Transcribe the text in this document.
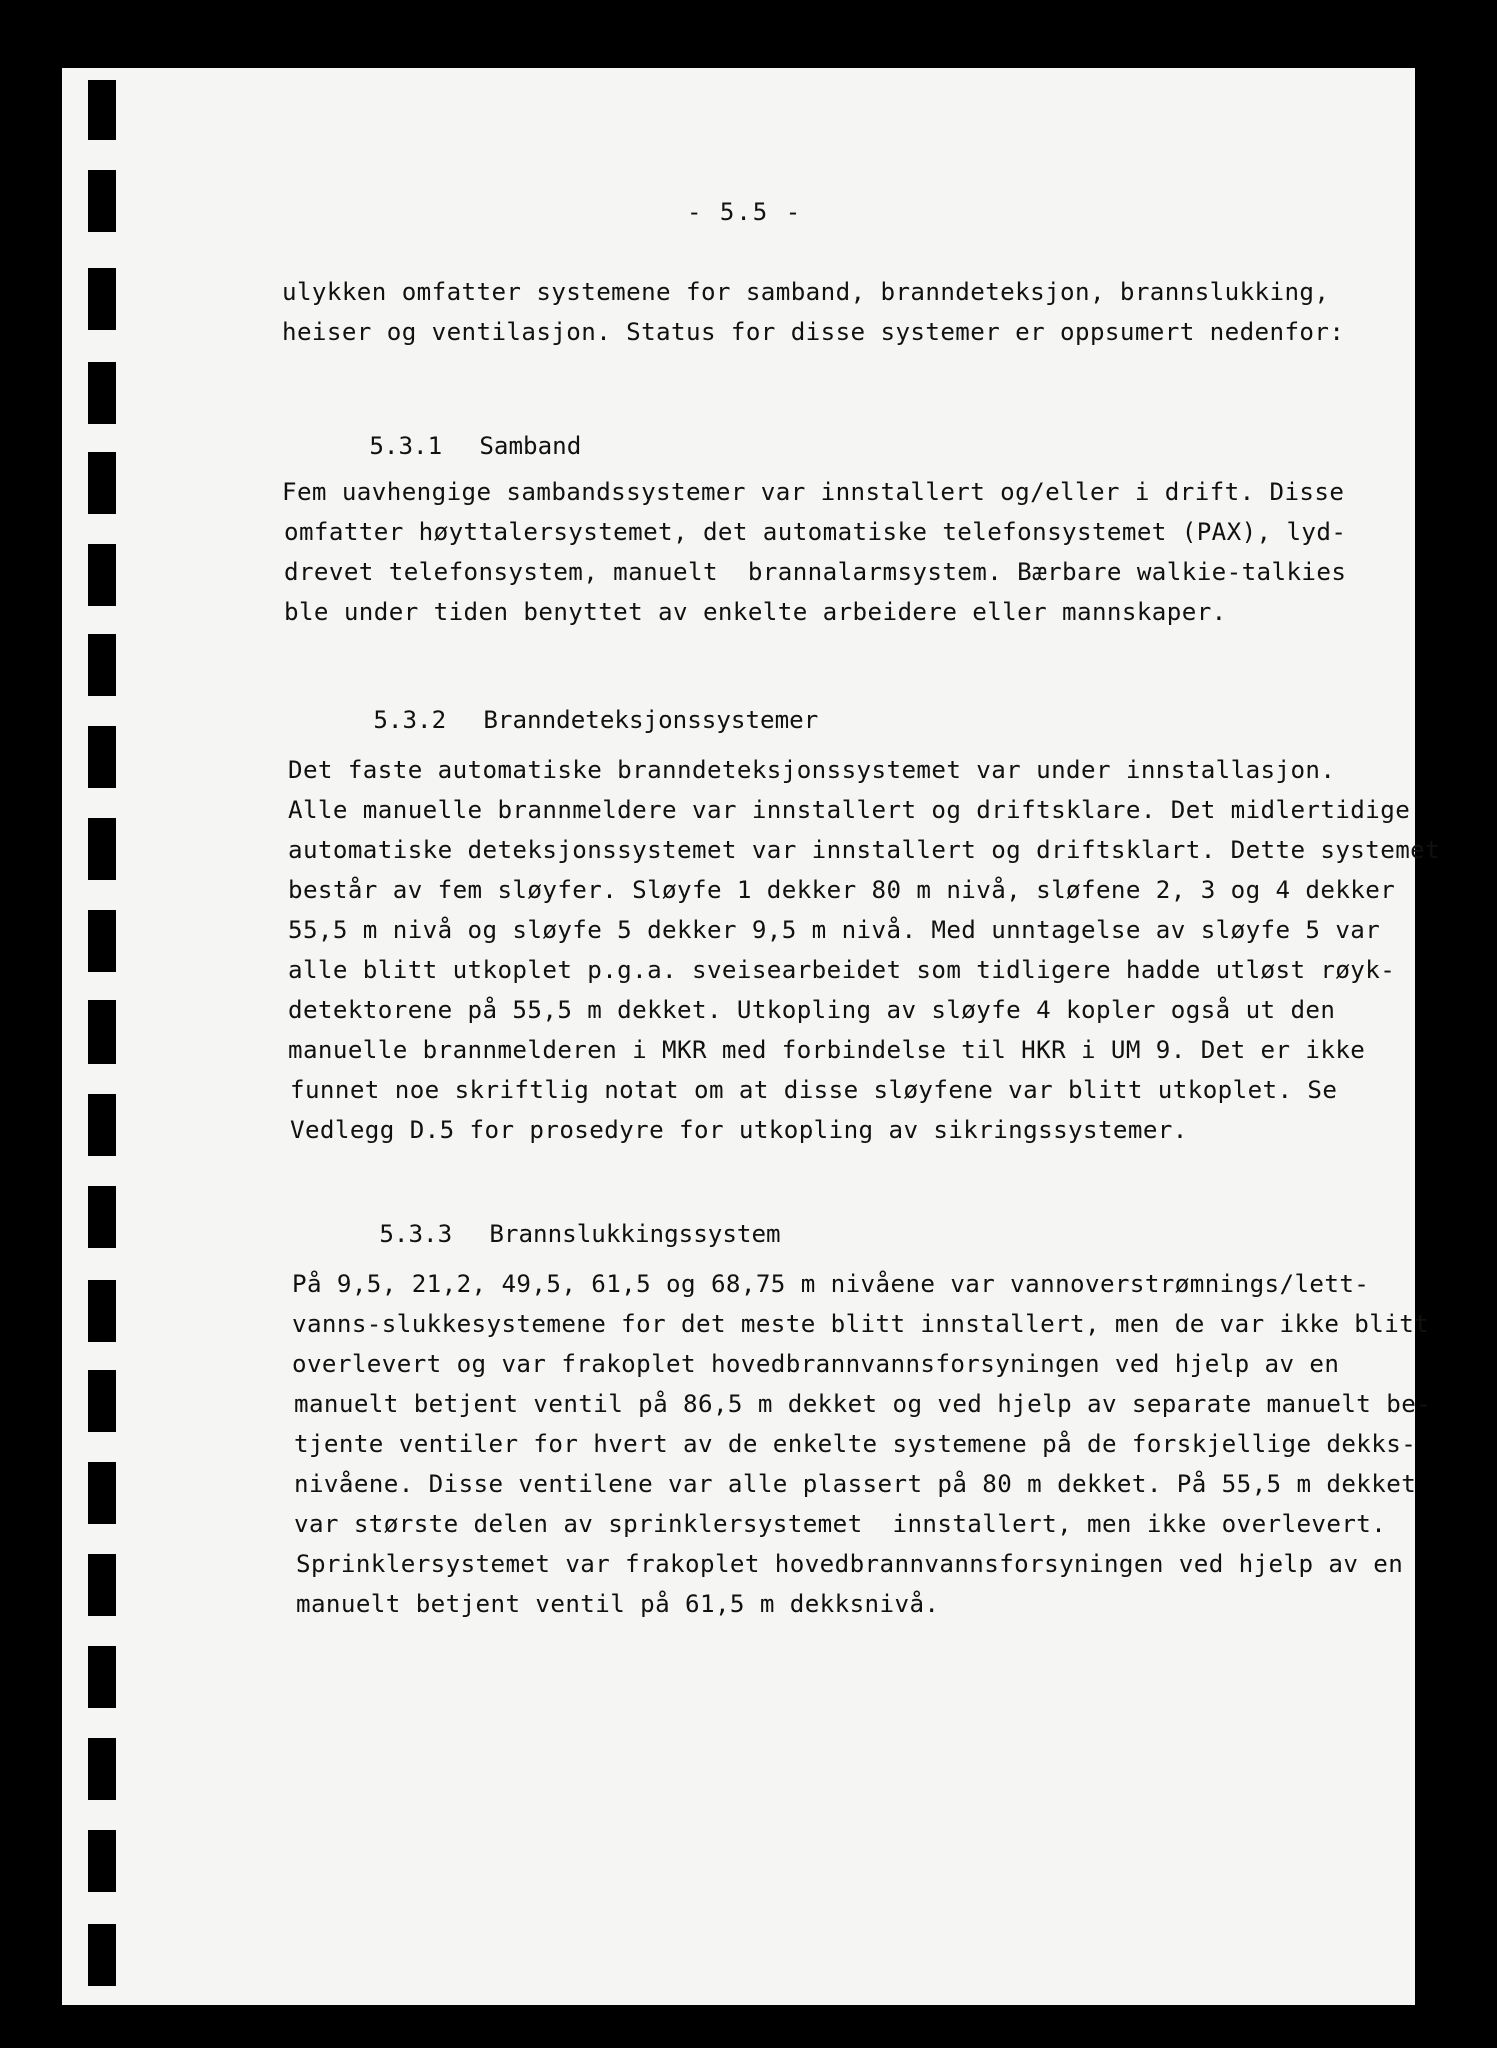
- 5.5 -
ulykken omfatter systemene for samband, branndeteksjon, brannslukking,
heiser og ventilasjon. Status for disse systemer er oppsumert nedenfor:

5.3.1 Samband

Fem uavhengige sambandssystemer var innstallert og/eller i drift. Disse
omfatter høyttalersystemet, det automatiske telefonsystemet (PAX), lyd-
drevet telefonsystem, manuelt  brannalarmsystem. Bærbare walkie-talkies
ble under tiden benyttet av enkelte arbeidere eller mannskaper.

5.3.2 Branndeteksjonssystemer

Det faste automatiske branndeteksjonssystemet var under innstallasjon.
Alle manuelle brannmeldere var innstallert og driftsklare. Det midlertidige
automatiske deteksjonssystemet var innstallert og driftsklart. Dette systemet
består av fem sløyfer. Sløyfe 1 dekker 80 m nivå, sløfene 2, 3 og 4 dekker
55,5 m nivå og sløyfe 5 dekker 9,5 m nivå. Med unntagelse av sløyfe 5 var
alle blitt utkoplet p.g.a. sveisearbeidet som tidligere hadde utløst røyk-
detektorene på 55,5 m dekket. Utkopling av sløyfe 4 kopler også ut den
manuelle brannmelderen i MKR med forbindelse til HKR i UM 9. Det er ikke
funnet noe skriftlig notat om at disse sløyfene var blitt utkoplet. Se
Vedlegg D.5 for prosedyre for utkopling av sikringssystemer.

5.3.3 Brannslukkingssystem

På 9,5, 21,2, 49,5, 61,5 og 68,75 m nivåene var vannoverstrømnings/lett-
vanns-slukkesystemene for det meste blitt innstallert, men de var ikke blitt
overlevert og var frakoplet hovedbrannvannsforsyningen ved hjelp av en
manuelt betjent ventil på 86,5 m dekket og ved hjelp av separate manuelt be-
tjente ventiler for hvert av de enkelte systemene på de forskjellige dekks-
nivåene. Disse ventilene var alle plassert på 80 m dekket. På 55,5 m dekket
var største delen av sprinklersystemet  innstallert, men ikke overlevert.
Sprinklersystemet var frakoplet hovedbrannvannsforsyningen ved hjelp av en
manuelt betjent ventil på 61,5 m dekksnivå.
